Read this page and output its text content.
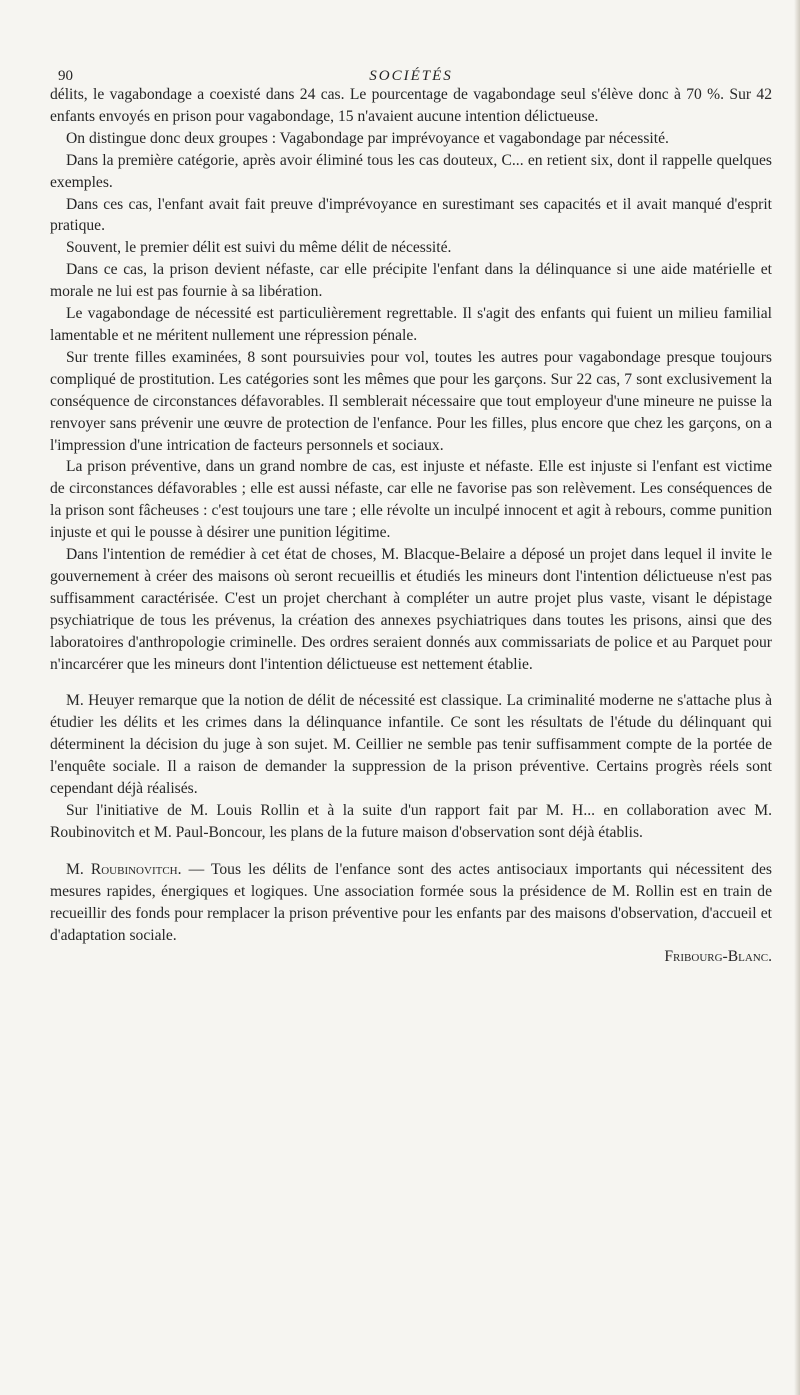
90	SOCIÉTÉS

délits, le vagabondage a coexisté dans 24 cas. Le pourcentage de vagabondage seul s'élève donc à 70 %. Sur 42 enfants envoyés en prison pour vagabondage, 15 n'avaient aucune intention délictueuse.

On distingue donc deux groupes : Vagabondage par imprévoyance et vagabondage par nécessité.

Dans la première catégorie, après avoir éliminé tous les cas douteux, C... en retient six, dont il rappelle quelques exemples.

Dans ces cas, l'enfant avait fait preuve d'imprévoyance en surestimant ses capacités et il avait manqué d'esprit pratique.

Souvent, le premier délit est suivi du même délit de nécessité.

Dans ce cas, la prison devient néfaste, car elle précipite l'enfant dans la délinquance si une aide matérielle et morale ne lui est pas fournie à sa libération.

Le vagabondage de nécessité est particulièrement regrettable. Il s'agit des enfants qui fuient un milieu familial lamentable et ne méritent nullement une répression pénale.

Sur trente filles examinées, 8 sont poursuivies pour vol, toutes les autres pour vagabondage presque toujours compliqué de prostitution. Les catégories sont les mêmes que pour les garçons. Sur 22 cas, 7 sont exclusivement la conséquence de circonstances défavorables. Il semblerait nécessaire que tout employeur d'une mineure ne puisse la renvoyer sans prévenir une œuvre de protection de l'enfance. Pour les filles, plus encore que chez les garçons, on a l'impression d'une intrication de facteurs personnels et sociaux.

La prison préventive, dans un grand nombre de cas, est injuste et néfaste. Elle est injuste si l'enfant est victime de circonstances défavorables ; elle est aussi néfaste, car elle ne favorise pas son relèvement. Les conséquences de la prison sont fâcheuses : c'est toujours une tare ; elle révolte un inculpé innocent et agit à rebours, comme punition injuste et qui le pousse à désirer une punition légitime.

Dans l'intention de remédier à cet état de choses, M. Blacque-Belaire a déposé un projet dans lequel il invite le gouvernement à créer des maisons où seront recueillis et étudiés les mineurs dont l'intention délictueuse n'est pas suffisamment caractérisée. C'est un projet cherchant à compléter un autre projet plus vaste, visant le dépistage psychiatrique de tous les prévenus, la création des annexes psychiatriques dans toutes les prisons, ainsi que des laboratoires d'anthropologie criminelle. Des ordres seraient donnés aux commissariats de police et au Parquet pour n'incarcérer que les mineurs dont l'intention délictueuse est nettement établie.

M. Heuyer remarque que la notion de délit de nécessité est classique. La criminalité moderne ne s'attache plus à étudier les délits et les crimes dans la délinquance infantile. Ce sont les résultats de l'étude du délinquant qui déterminent la décision du juge à son sujet. M. Ceillier ne semble pas tenir suffisamment compte de la portée de l'enquête sociale. Il a raison de demander la suppression de la prison préventive. Certains progrès réels sont cependant déjà réalisés.

Sur l'initiative de M. Louis Rollin et à la suite d'un rapport fait par M. H... en collaboration avec M. Roubinovitch et M. Paul-Boncour, les plans de la future maison d'observation sont déjà établis.

M. Roubinovitch. — Tous les délits de l'enfance sont des actes antisociaux importants qui nécessitent des mesures rapides, énergiques et logiques. Une association formée sous la présidence de M. Rollin est en train de recueillir des fonds pour remplacer la prison préventive pour les enfants par des maisons d'observation, d'accueil et d'adaptation sociale.

Fribourg-Blanc.
